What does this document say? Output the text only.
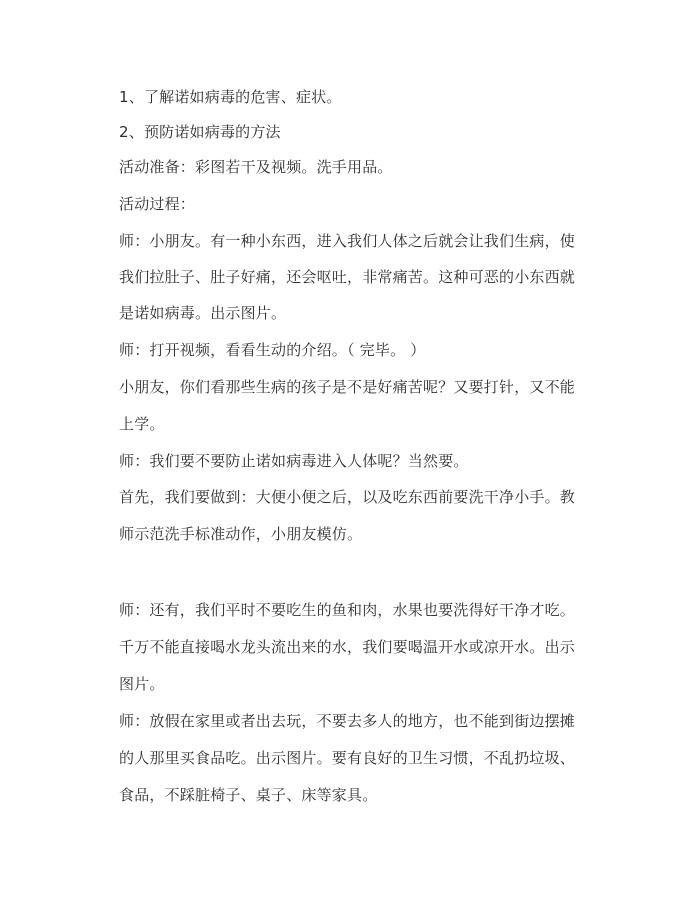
1、了解诺如病毒的危害、症状。
2、预防诺如病毒的方法
活动准备：彩图若干及视频。洗手用品。
活动过程：
师：小朋友。有一种小东西，进入我们人体之后就会让我们生病，使
我们拉肚子、肚子好痛，还会呕吐，非常痛苦。这种可恶的小东西就
是诺如病毒。出示图片。
师：打开视频，看看生动的介绍。（ 完毕。 ）
小朋友，你们看那些生病的孩子是不是好痛苦呢？又要打针，又不能
上学。
师：我们要不要防止诺如病毒进入人体呢？当然要。
首先，我们要做到：大便小便之后，以及吃东西前要洗干净小手。教
师示范洗手标准动作，小朋友模仿。
师：还有，我们平时不要吃生的鱼和肉，水果也要洗得好干净才吃。
千万不能直接喝水龙头流出来的水，我们要喝温开水或凉开水。出示
图片。
师：放假在家里或者出去玩，不要去多人的地方，也不能到街边摆摊
的人那里买食品吃。出示图片。要有良好的卫生习惯，不乱扔垃圾、
食品，不踩脏椅子、桌子、床等家具。
